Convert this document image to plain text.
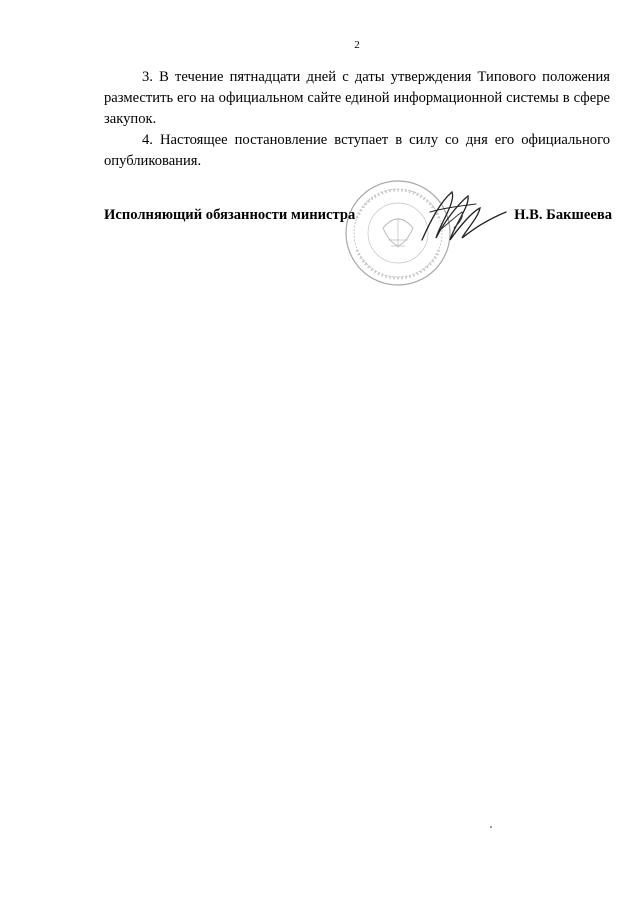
2

3. В течение пятнадцати дней с даты утверждения Типового положения разместить его на официальном сайте единой информационной системы в сфере закупок.

4. Настоящее постановление вступает в силу со дня его официального опубликования.

Исполняющий обязанности министра	Н.В. Бакшеева
